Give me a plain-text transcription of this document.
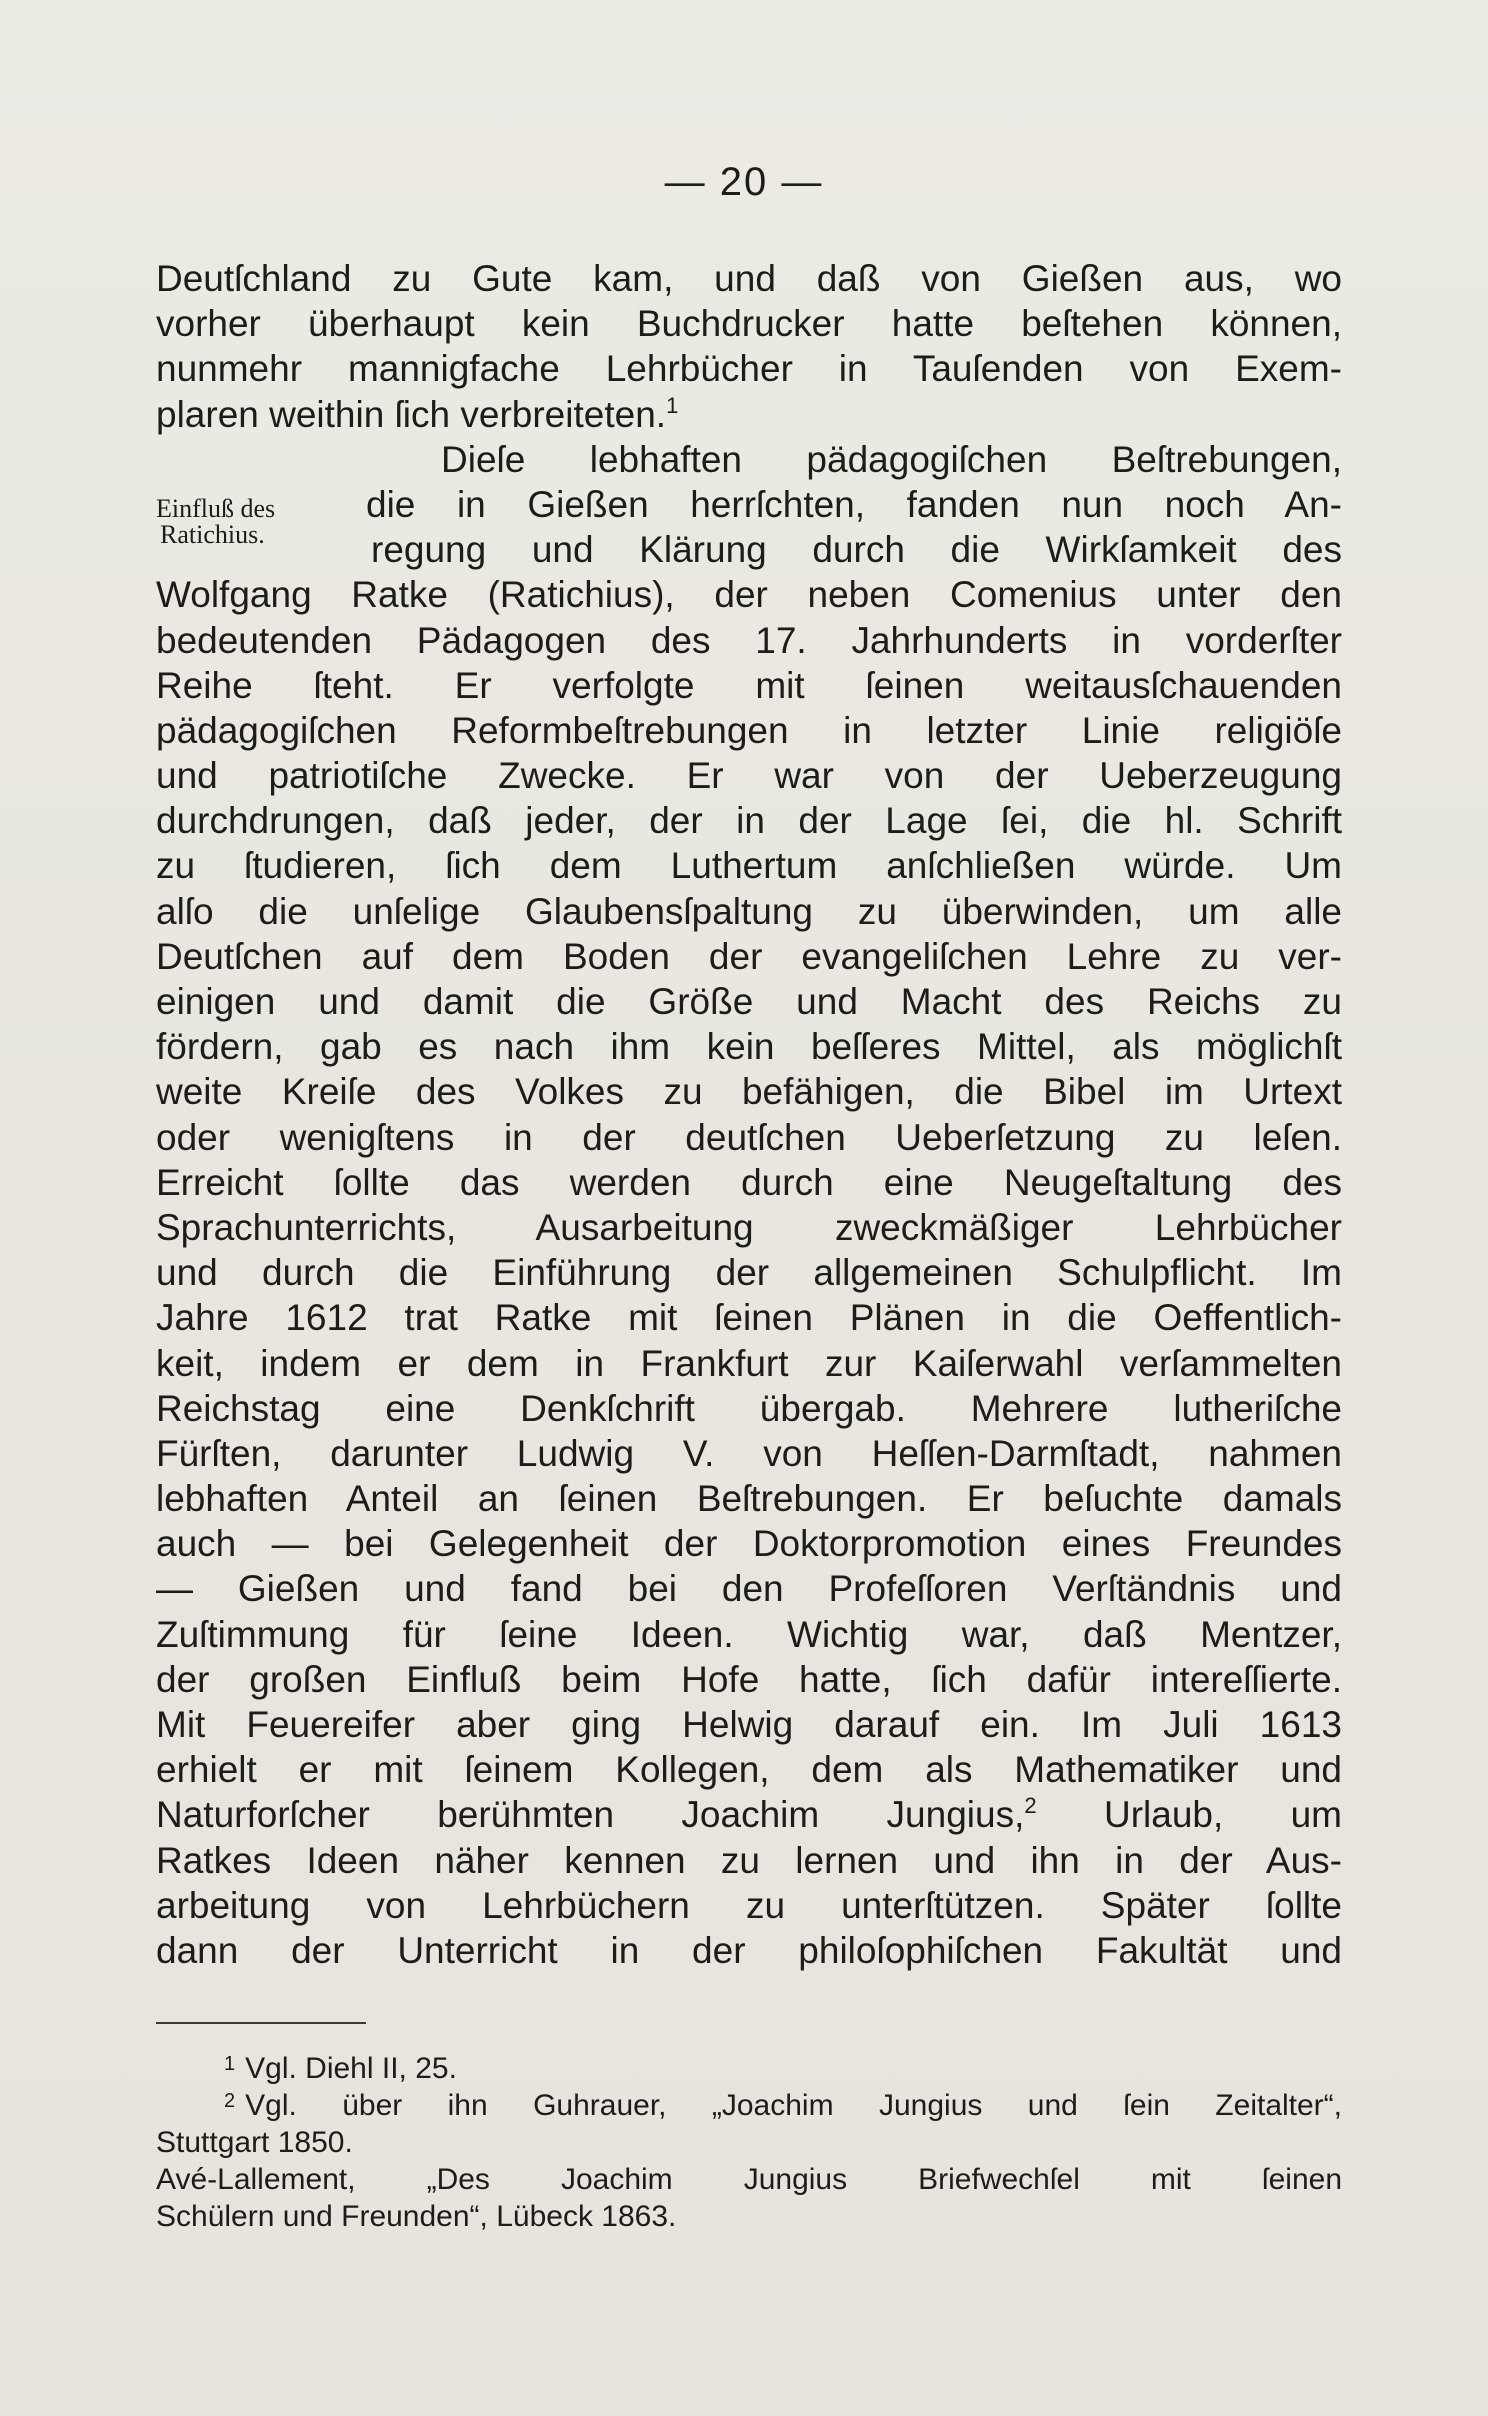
— 20 —
Einfluß des
Ratichius.
Deutſchland zu Gute kam, und daß von Gießen aus, wo
vorher überhaupt kein Buchdrucker hatte beſtehen können,
nunmehr mannigfache Lehrbücher in Tauſenden von Exem-
plaren weithin ſich verbreiteten.$^1$
Dieſe lebhaften pädagogiſchen Beſtrebungen,
die in Gießen herrſchten, fanden nun noch An-
regung und Klärung durch die Wirkſamkeit des
Wolfgang Ratke (Ratichius), der neben Comenius unter den
bedeutenden Pädagogen des 17. Jahrhunderts in vorderſter
Reihe ſteht. Er verfolgte mit ſeinen weitausſchauenden
pädagogiſchen Reformbeſtrebungen in letzter Linie religiöſe
und patriotiſche Zwecke. Er war von der Ueberzeugung
durchdrungen, daß jeder, der in der Lage ſei, die hl. Schrift
zu ſtudieren, ſich dem Luthertum anſchließen würde. Um
alſo die unſelige Glaubensſpaltung zu überwinden, um alle
Deutſchen auf dem Boden der evangeliſchen Lehre zu ver-
einigen und damit die Größe und Macht des Reichs zu
fördern, gab es nach ihm kein beſſeres Mittel, als möglichſt
weite Kreiſe des Volkes zu befähigen, die Bibel im Urtext
oder wenigſtens in der deutſchen Ueberſetzung zu leſen.
Erreicht ſollte das werden durch eine Neugeſtaltung des
Sprachunterrichts, Ausarbeitung zweckmäßiger Lehrbücher
und durch die Einführung der allgemeinen Schulpflicht. Im
Jahre 1612 trat Ratke mit ſeinen Plänen in die Oeffentlich-
keit, indem er dem in Frankfurt zur Kaiſerwahl verſammelten
Reichstag eine Denkſchrift übergab. Mehrere lutheriſche
Fürſten, darunter Ludwig V. von Heſſen-Darmſtadt, nahmen
lebhaften Anteil an ſeinen Beſtrebungen. Er beſuchte damals
auch — bei Gelegenheit der Doktorpromotion eines Freundes
— Gießen und fand bei den Profeſſoren Verſtändnis und
Zuſtimmung für ſeine Ideen. Wichtig war, daß Mentzer,
der großen Einfluß beim Hofe hatte, ſich dafür intereſſierte.
Mit Feuereifer aber ging Helwig darauf ein. Im Juli 1613
erhielt er mit ſeinem Kollegen, dem als Mathematiker und
Naturforſcher berühmten Joachim Jungius,$^2$ Urlaub, um
Ratkes Ideen näher kennen zu lernen und ihn in der Aus-
arbeitung von Lehrbüchern zu unterſtützen. Später ſollte
dann der Unterricht in der philoſophiſchen Fakultät und
$^1$ Vgl. Diehl II, 25.
$^2$ Vgl. über ihn Guhrauer, „Joachim Jungius und ſein Zeitalter“,
Stuttgart 1850.
Avé-Lallement, „Des Joachim Jungius Briefwechſel mit ſeinen
Schülern und Freunden“, Lübeck 1863.
